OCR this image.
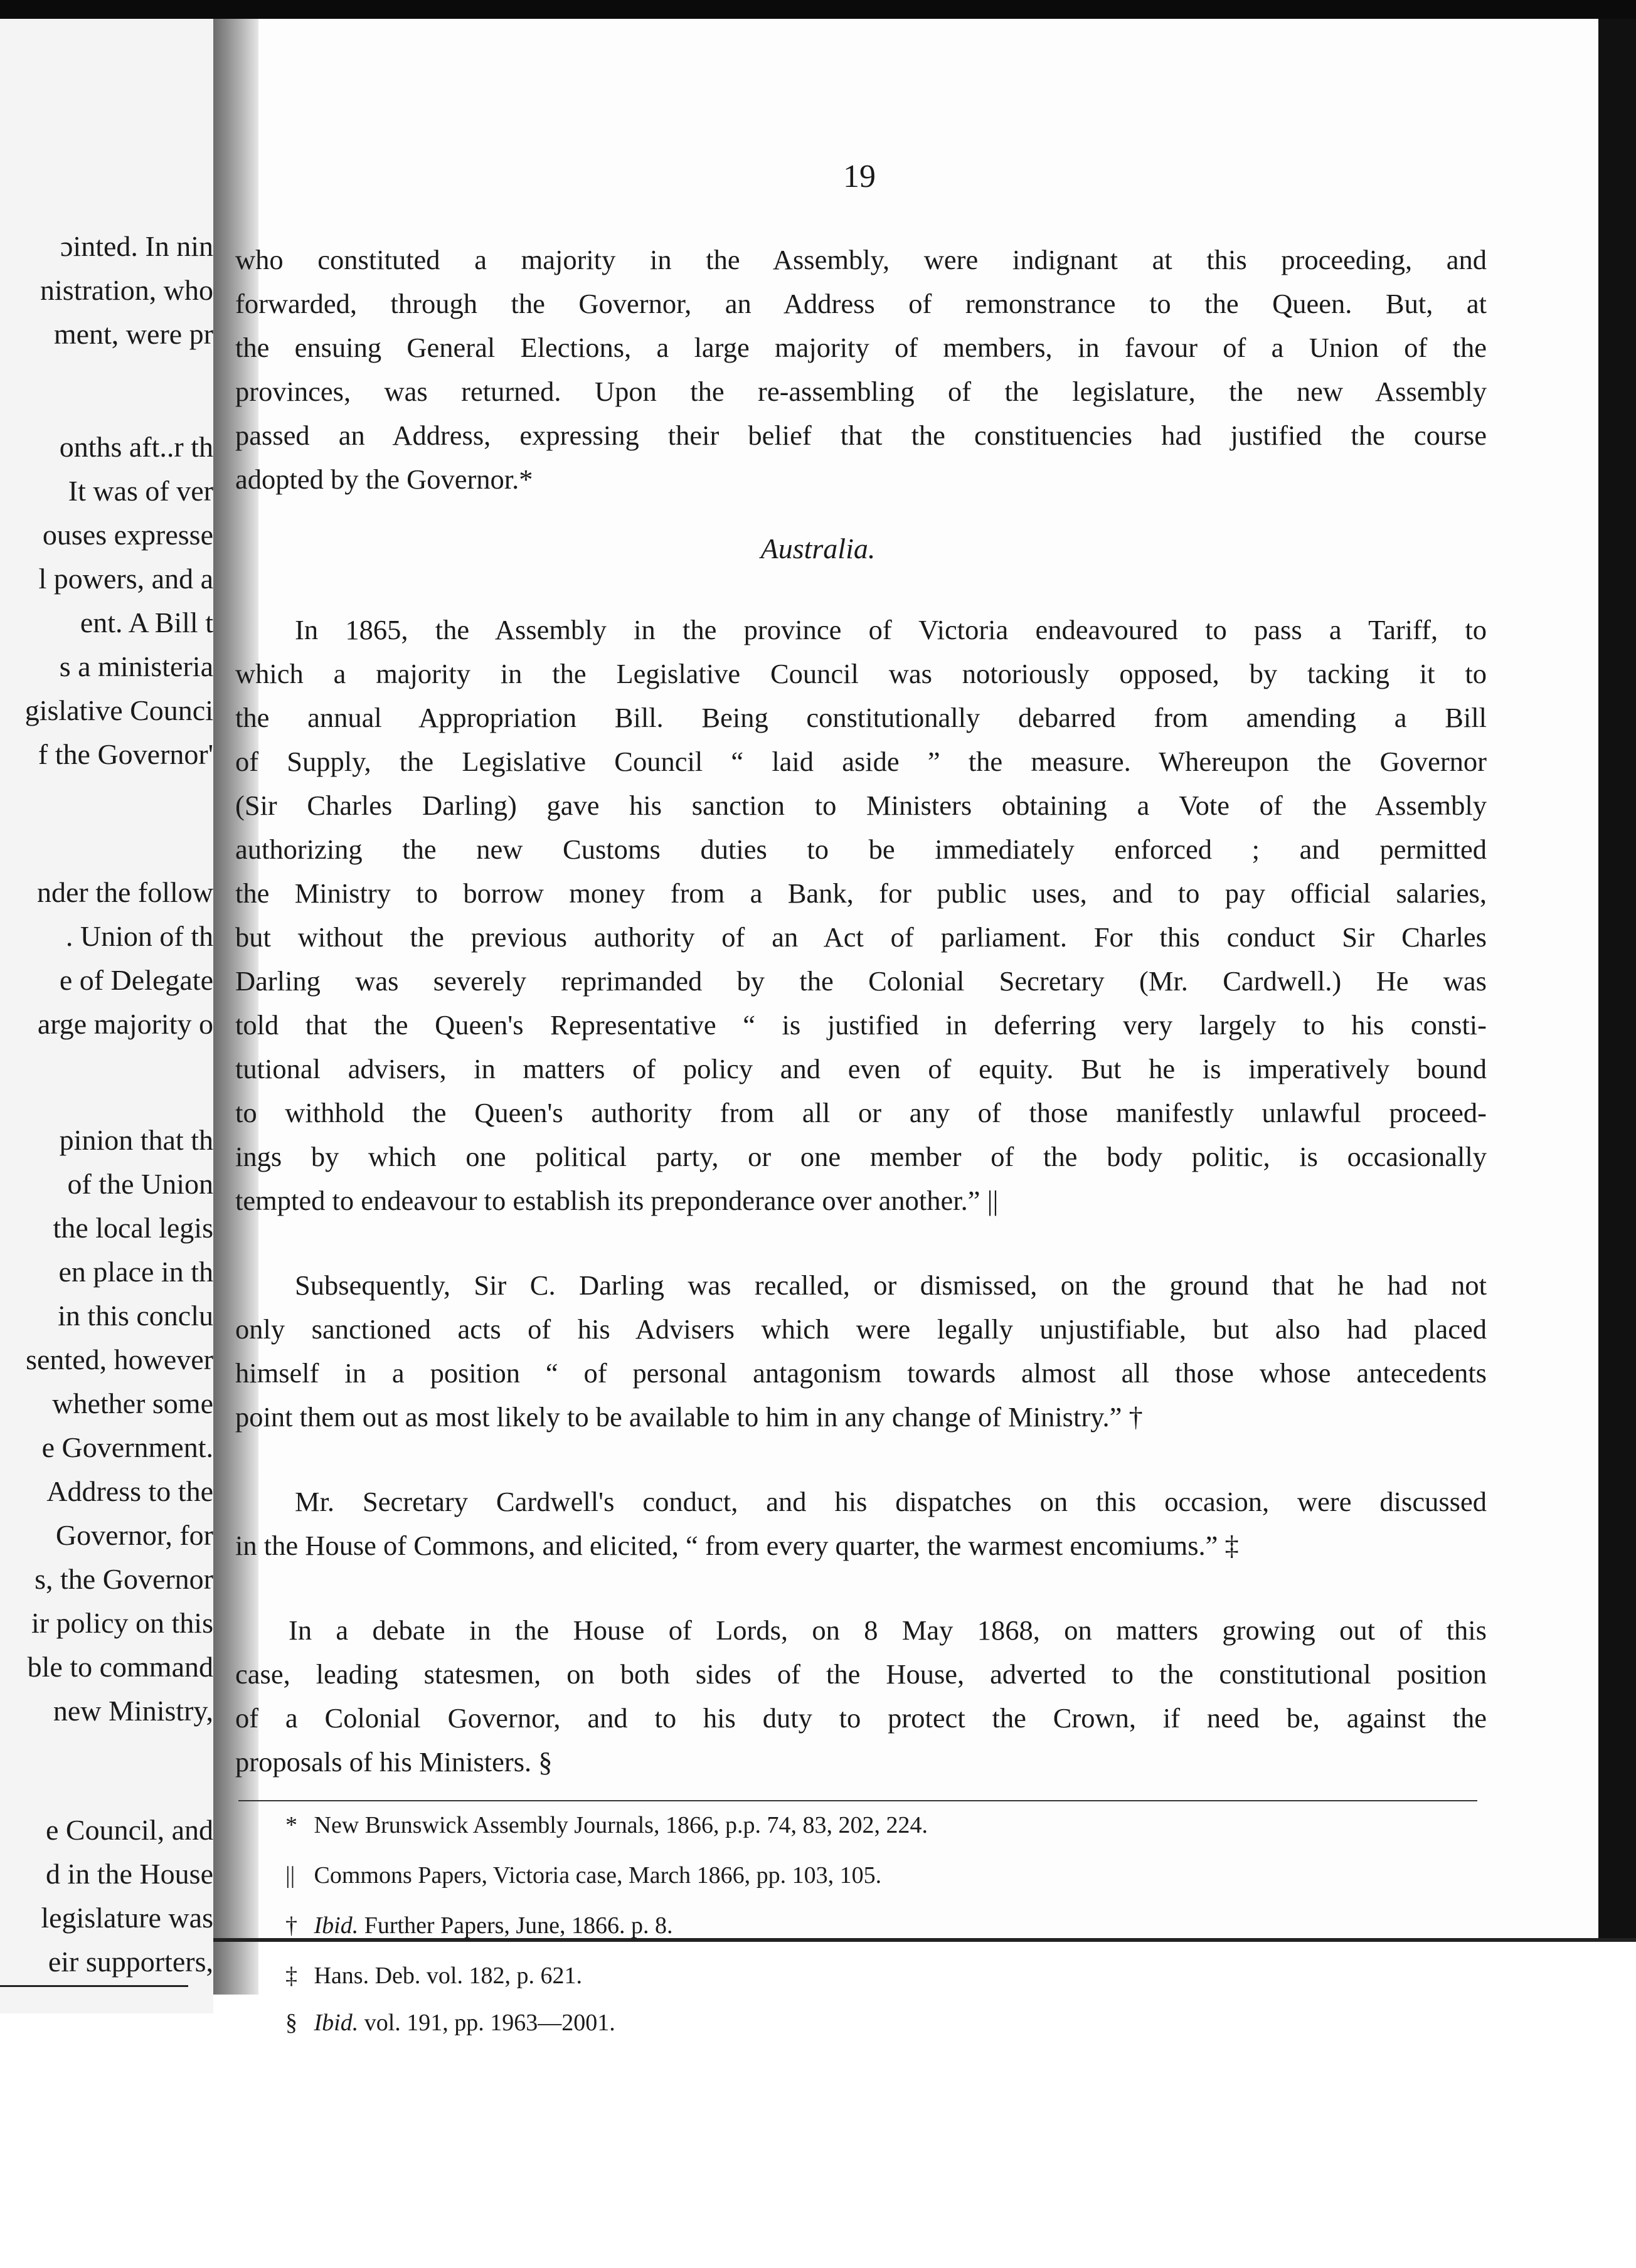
ɔinted. In nin
nistration, who
ment, were pr
onths aft..r th
It was of ver
ouses expresse
l powers, and a
ent. A Bill t
s a ministeria
gislative Counci
f the Governor'
nder the follow
. Union of th
e of Delegate
arge majority o
pinion that th
of the Union
the local legis
en place in th
in this conclu
sented, however
whether some
e Government.
Address to the
Governor, for
s, the Governor
ir policy on this
ble to command
new Ministry,
e Council, and
d in the House
legislature was
eir supporters,
19
who constituted a majority in the Assembly, were indignant at this proceeding, and
forwarded, through the Governor, an Address of remonstrance to the Queen. But, at
the ensuing General Elections, a large majority of members, in favour of a Union of the
provinces, was returned. Upon the re-assembling of the legislature, the new Assembly
passed an Address, expressing their belief that the constituencies had justified the course
adopted by the Governor.*
Australia.
In 1865, the Assembly in the province of Victoria endeavoured to pass a Tariff, to
which a majority in the Legislative Council was notoriously opposed, by tacking it to
the annual Appropriation Bill. Being constitutionally debarred from amending a Bill
of Supply, the Legislative Council “ laid aside ” the measure. Whereupon the Governor
(Sir Charles Darling) gave his sanction to Ministers obtaining a Vote of the Assembly
authorizing the new Customs duties to be immediately enforced ; and permitted
the Ministry to borrow money from a Bank, for public uses, and to pay official salaries,
but without the previous authority of an Act of parliament. For this conduct Sir Charles
Darling was severely reprimanded by the Colonial Secretary (Mr. Cardwell.) He was
told that the Queen's Representative “ is justified in deferring very largely to his consti-
tutional advisers, in matters of policy and even of equity. But he is imperatively bound
to withhold the Queen's authority from all or any of those manifestly unlawful proceed-
ings by which one political party, or one member of the body politic, is occasionally
tempted to endeavour to establish its preponderance over another.” ||
Subsequently, Sir C. Darling was recalled, or dismissed, on the ground that he had not
only sanctioned acts of his Advisers which were legally unjustifiable, but also had placed
himself in a position “ of personal antagonism towards almost all those whose antecedents
point them out as most likely to be available to him in any change of Ministry.” †
Mr. Secretary Cardwell's conduct, and his dispatches on this occasion, were discussed
in the House of Commons, and elicited, “ from every quarter, the warmest encomiums.” ‡
In a debate in the House of Lords, on 8 May 1868, on matters growing out of this
case, leading statesmen, on both sides of the House, adverted to the constitutional position
of a Colonial Governor, and to his duty to protect the Crown, if need be, against the
proposals of his Ministers. §
* New Brunswick Assembly Journals, 1866, p.p. 74, 83, 202, 224.
|| Commons Papers, Victoria case, March 1866, pp. 103, 105.
† Ibid. Further Papers, June, 1866. p. 8.
‡ Hans. Deb. vol. 182, p. 621.
§ Ibid. vol. 191, pp. 1963—2001.
